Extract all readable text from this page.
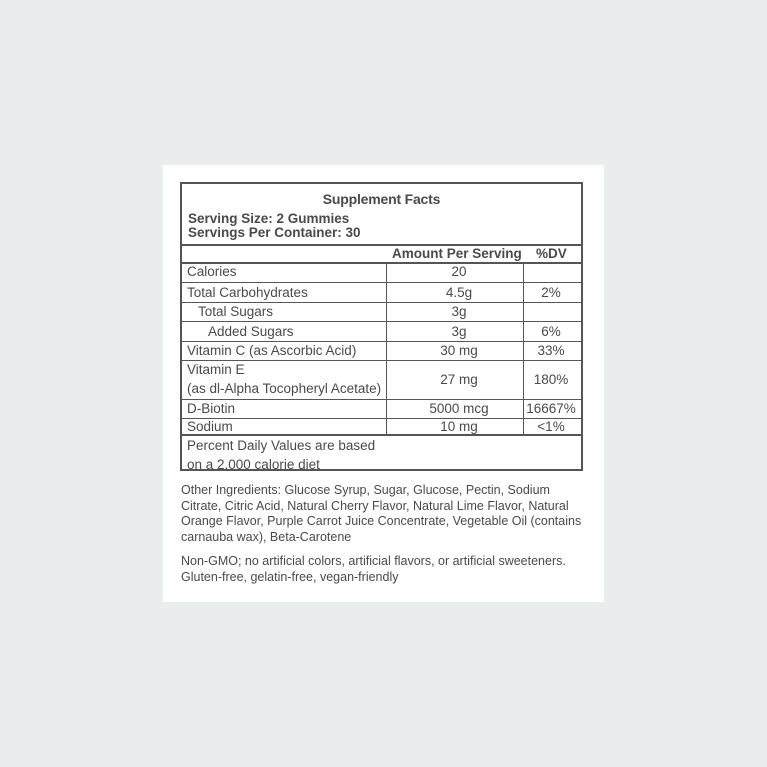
Supplement Facts
Serving Size: 2 Gummies
Servings Per Container: 30
Amount Per Serving %DV
Calories	20
Total Carbohydrates	4.5g	2%
Total Sugars	3g
Added Sugars	3g	6%
Vitamin C (as Ascorbic Acid)	30 mg	33%
Vitamin E
(as dl-Alpha Tocopheryl Acetate)
27 mg	180%
D-Biotin	5000 mcg	16667%
Sodium	10 mg	<1%
Percent Daily Values are based
on a 2,000 calorie diet
Other Ingredients: Glucose Syrup, Sugar, Glucose, Pectin, Sodium Citrate, Citric Acid, Natural Cherry Flavor, Natural Lime Flavor, Natural Orange Flavor, Purple Carrot Juice Concentrate, Vegetable Oil (contains carnauba wax), Beta-Carotene
Non-GMO; no artificial colors, artificial flavors, or artificial sweeteners. Gluten-free, gelatin-free, vegan-friendly
